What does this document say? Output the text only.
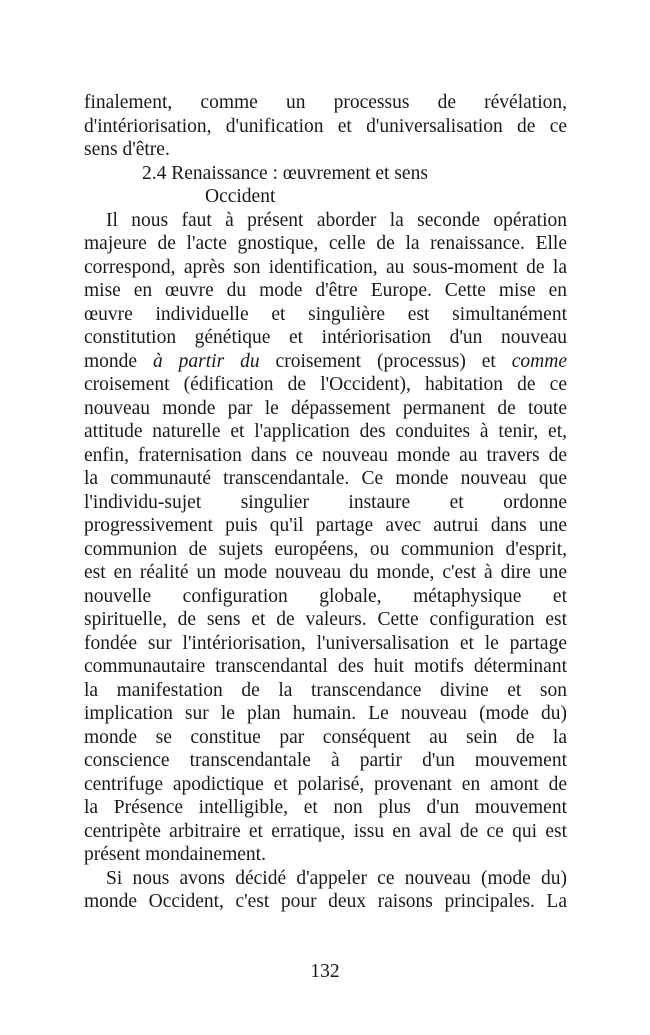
finalement, comme un processus de révélation,
d'intériorisation, d'unification et d'universalisation de ce
sens d'être.
2.4 Renaissance : œuvrement et sens
Occident
Il nous faut à présent aborder la seconde opération
majeure de l'acte gnostique, celle de la renaissance. Elle
correspond, après son identification, au sous-moment de la
mise en œuvre du mode d'être Europe. Cette mise en
œuvre individuelle et singulière est simultanément
constitution génétique et intériorisation d'un nouveau
monde à partir du croisement (processus) et comme
croisement (édification de l'Occident), habitation de ce
nouveau monde par le dépassement permanent de toute
attitude naturelle et l'application des conduites à tenir, et,
enfin, fraternisation dans ce nouveau monde au travers de
la communauté transcendantale. Ce monde nouveau que
l'individu-sujet singulier instaure et ordonne
progressivement puis qu'il partage avec autrui dans une
communion de sujets européens, ou communion d'esprit,
est en réalité un mode nouveau du monde, c'est à dire une
nouvelle configuration globale, métaphysique et
spirituelle, de sens et de valeurs. Cette configuration est
fondée sur l'intériorisation, l'universalisation et le partage
communautaire transcendantal des huit motifs déterminant
la manifestation de la transcendance divine et son
implication sur le plan humain. Le nouveau (mode du)
monde se constitue par conséquent au sein de la
conscience transcendantale à partir d'un mouvement
centrifuge apodictique et polarisé, provenant en amont de
la Présence intelligible, et non plus d'un mouvement
centripète arbitraire et erratique, issu en aval de ce qui est
présent mondainement.
Si nous avons décidé d'appeler ce nouveau (mode du)
monde Occident, c'est pour deux raisons principales. La
132
